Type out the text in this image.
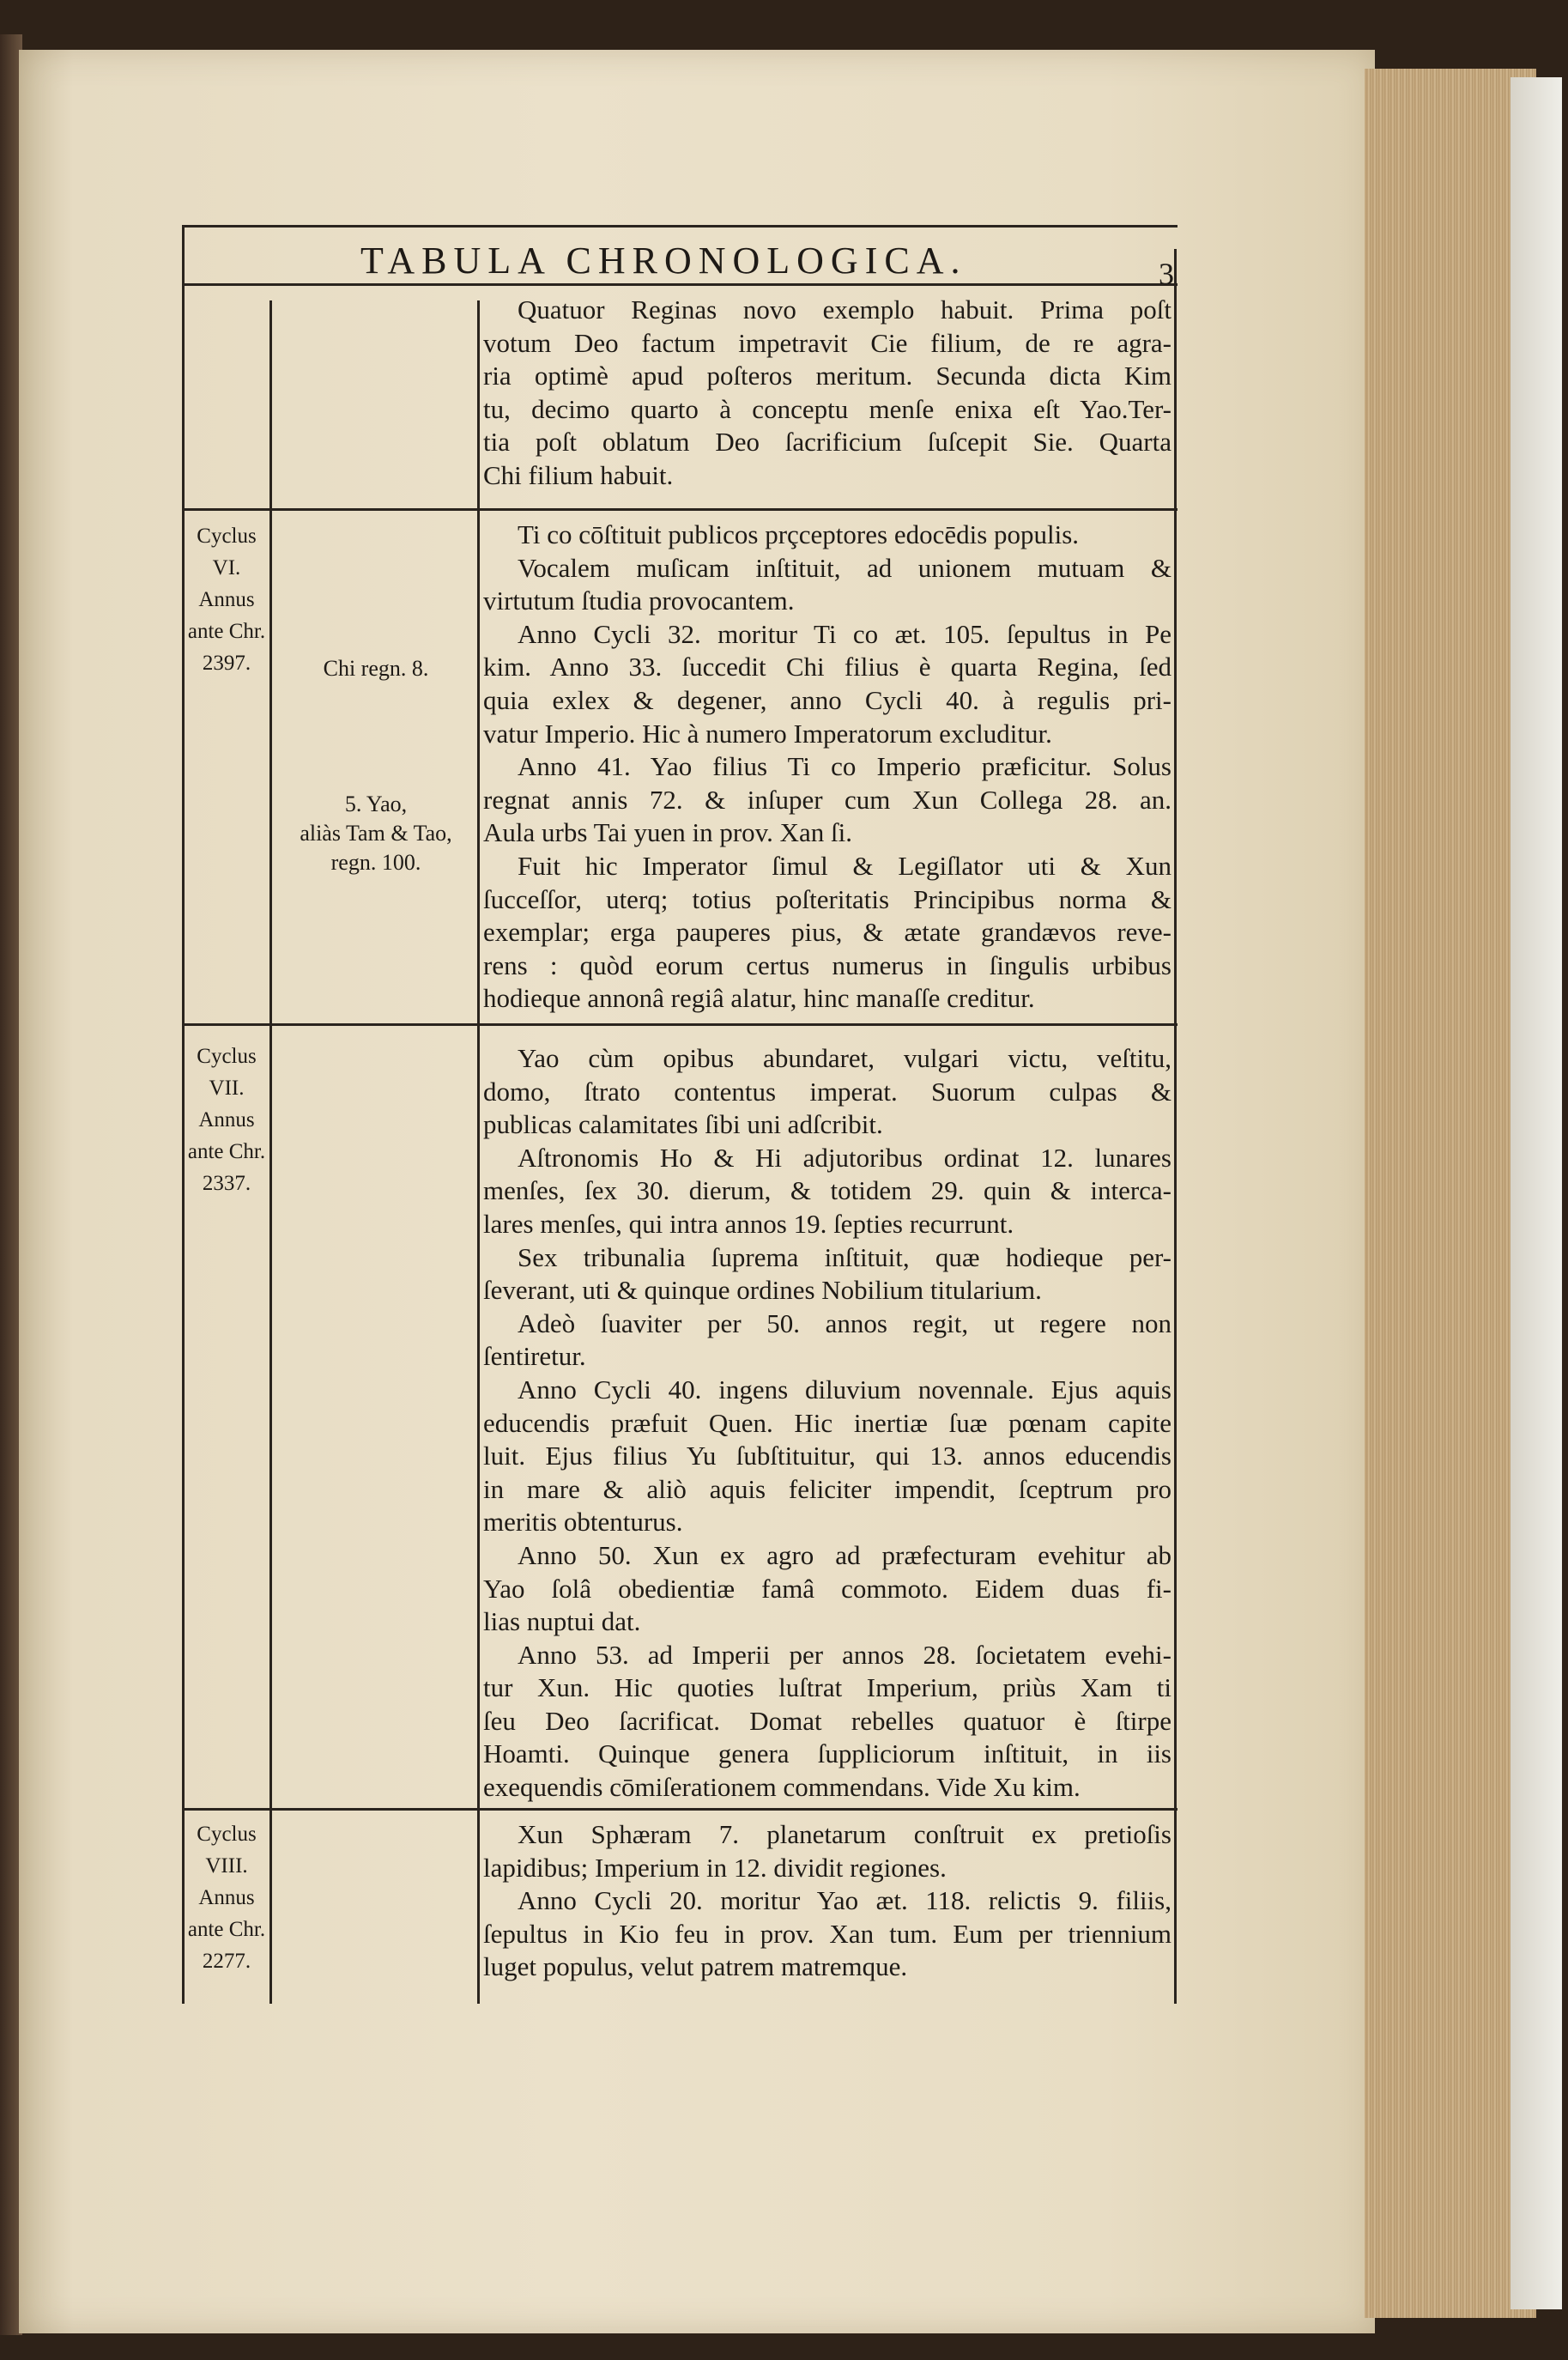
TABULA CHRONOLOGICA.	3
Quatuor Reginas novo exemplo habuit. Prima poſt
votum Deo factum impetravit Cie filium, de re agra-
ria optimè apud poſteros meritum. Secunda dicta Kim
tu, decimo quarto à conceptu menſe enixa eſt Yao.Ter-
tia poſt oblatum Deo ſacrificium ſuſcepit Sie. Quarta
Chi filium habuit.
Ti co cōſtituit publicos prçceptores edocēdis populis.
Vocalem muſicam inſtituit, ad unionem mutuam &
virtutum ſtudia provocantem.
Anno Cycli 32. moritur Ti co æt. 105. ſepultus in Pe
kim. Anno 33. ſuccedit Chi filius è quarta Regina, ſed
quia exlex & degener, anno Cycli 40. à regulis pri-
vatur Imperio. Hic à numero Imperatorum excluditur.
Anno 41. Yao filius Ti co Imperio præficitur. Solus
regnat annis 72. & inſuper cum Xun Collega 28. an.
Aula urbs Tai yuen in prov. Xan ſi.
Fuit hic Imperator ſimul & Legiſlator uti & Xun
ſucceſſor, uterq; totius poſteritatis Principibus norma &
exemplar; erga pauperes pius, & ætate grandævos reve-
rens : quòd eorum certus numerus in ſingulis urbibus
hodieque annonâ regiâ alatur, hinc manaſſe creditur.
Cyclus
VI.
Annus
ante Chr.
2397.	Chi regn. 8.
5. Yao,
aliàs Tam & Tao,
regn. 100.
Yao cùm opibus abundaret, vulgari victu, veſtitu,
domo, ſtrato contentus imperat. Suorum culpas &
publicas calamitates ſibi uni adſcribit.
Aſtronomis Ho & Hi adjutoribus ordinat 12. lunares
menſes, ſex 30. dierum, & totidem 29. quin & interca-
lares menſes, qui intra annos 19. ſepties recurrunt.
Sex tribunalia ſuprema inſtituit, quæ hodieque per-
ſeverant, uti & quinque ordines Nobilium titularium.
Adeò ſuaviter per 50. annos regit, ut regere non
ſentiretur.
Anno Cycli 40. ingens diluvium novennale. Ejus aquis
educendis præfuit Quen. Hic inertiæ ſuæ pœnam capite
luit. Ejus filius Yu ſubſtituitur, qui 13. annos educendis
in mare & aliò aquis feliciter impendit, ſceptrum pro
meritis obtenturus.
Anno 50. Xun ex agro ad præfecturam evehitur ab
Yao ſolâ obedientiæ famâ commoto. Eidem duas fi-
lias nuptui dat.
Anno 53. ad Imperii per annos 28. ſocietatem evehi-
tur Xun. Hic quoties luſtrat Imperium, priùs Xam ti
ſeu Deo ſacrificat. Domat rebelles quatuor è ſtirpe
Hoamti. Quinque genera ſuppliciorum inſtituit, in iis
exequendis cōmiſerationem commendans. Vide Xu kim.
Cyclus
VII.
Annus
ante Chr.
2337.
Xun Sphæram 7. planetarum conſtruit ex pretioſis
lapidibus; Imperium in 12. dividit regiones.
Anno Cycli 20. moritur Yao æt. 118. relictis 9. filiis,
ſepultus in Kio feu in prov. Xan tum. Eum per triennium
luget populus, velut patrem matremque.
Cyclus
VIII.
Annus
ante Chr.
2277.
